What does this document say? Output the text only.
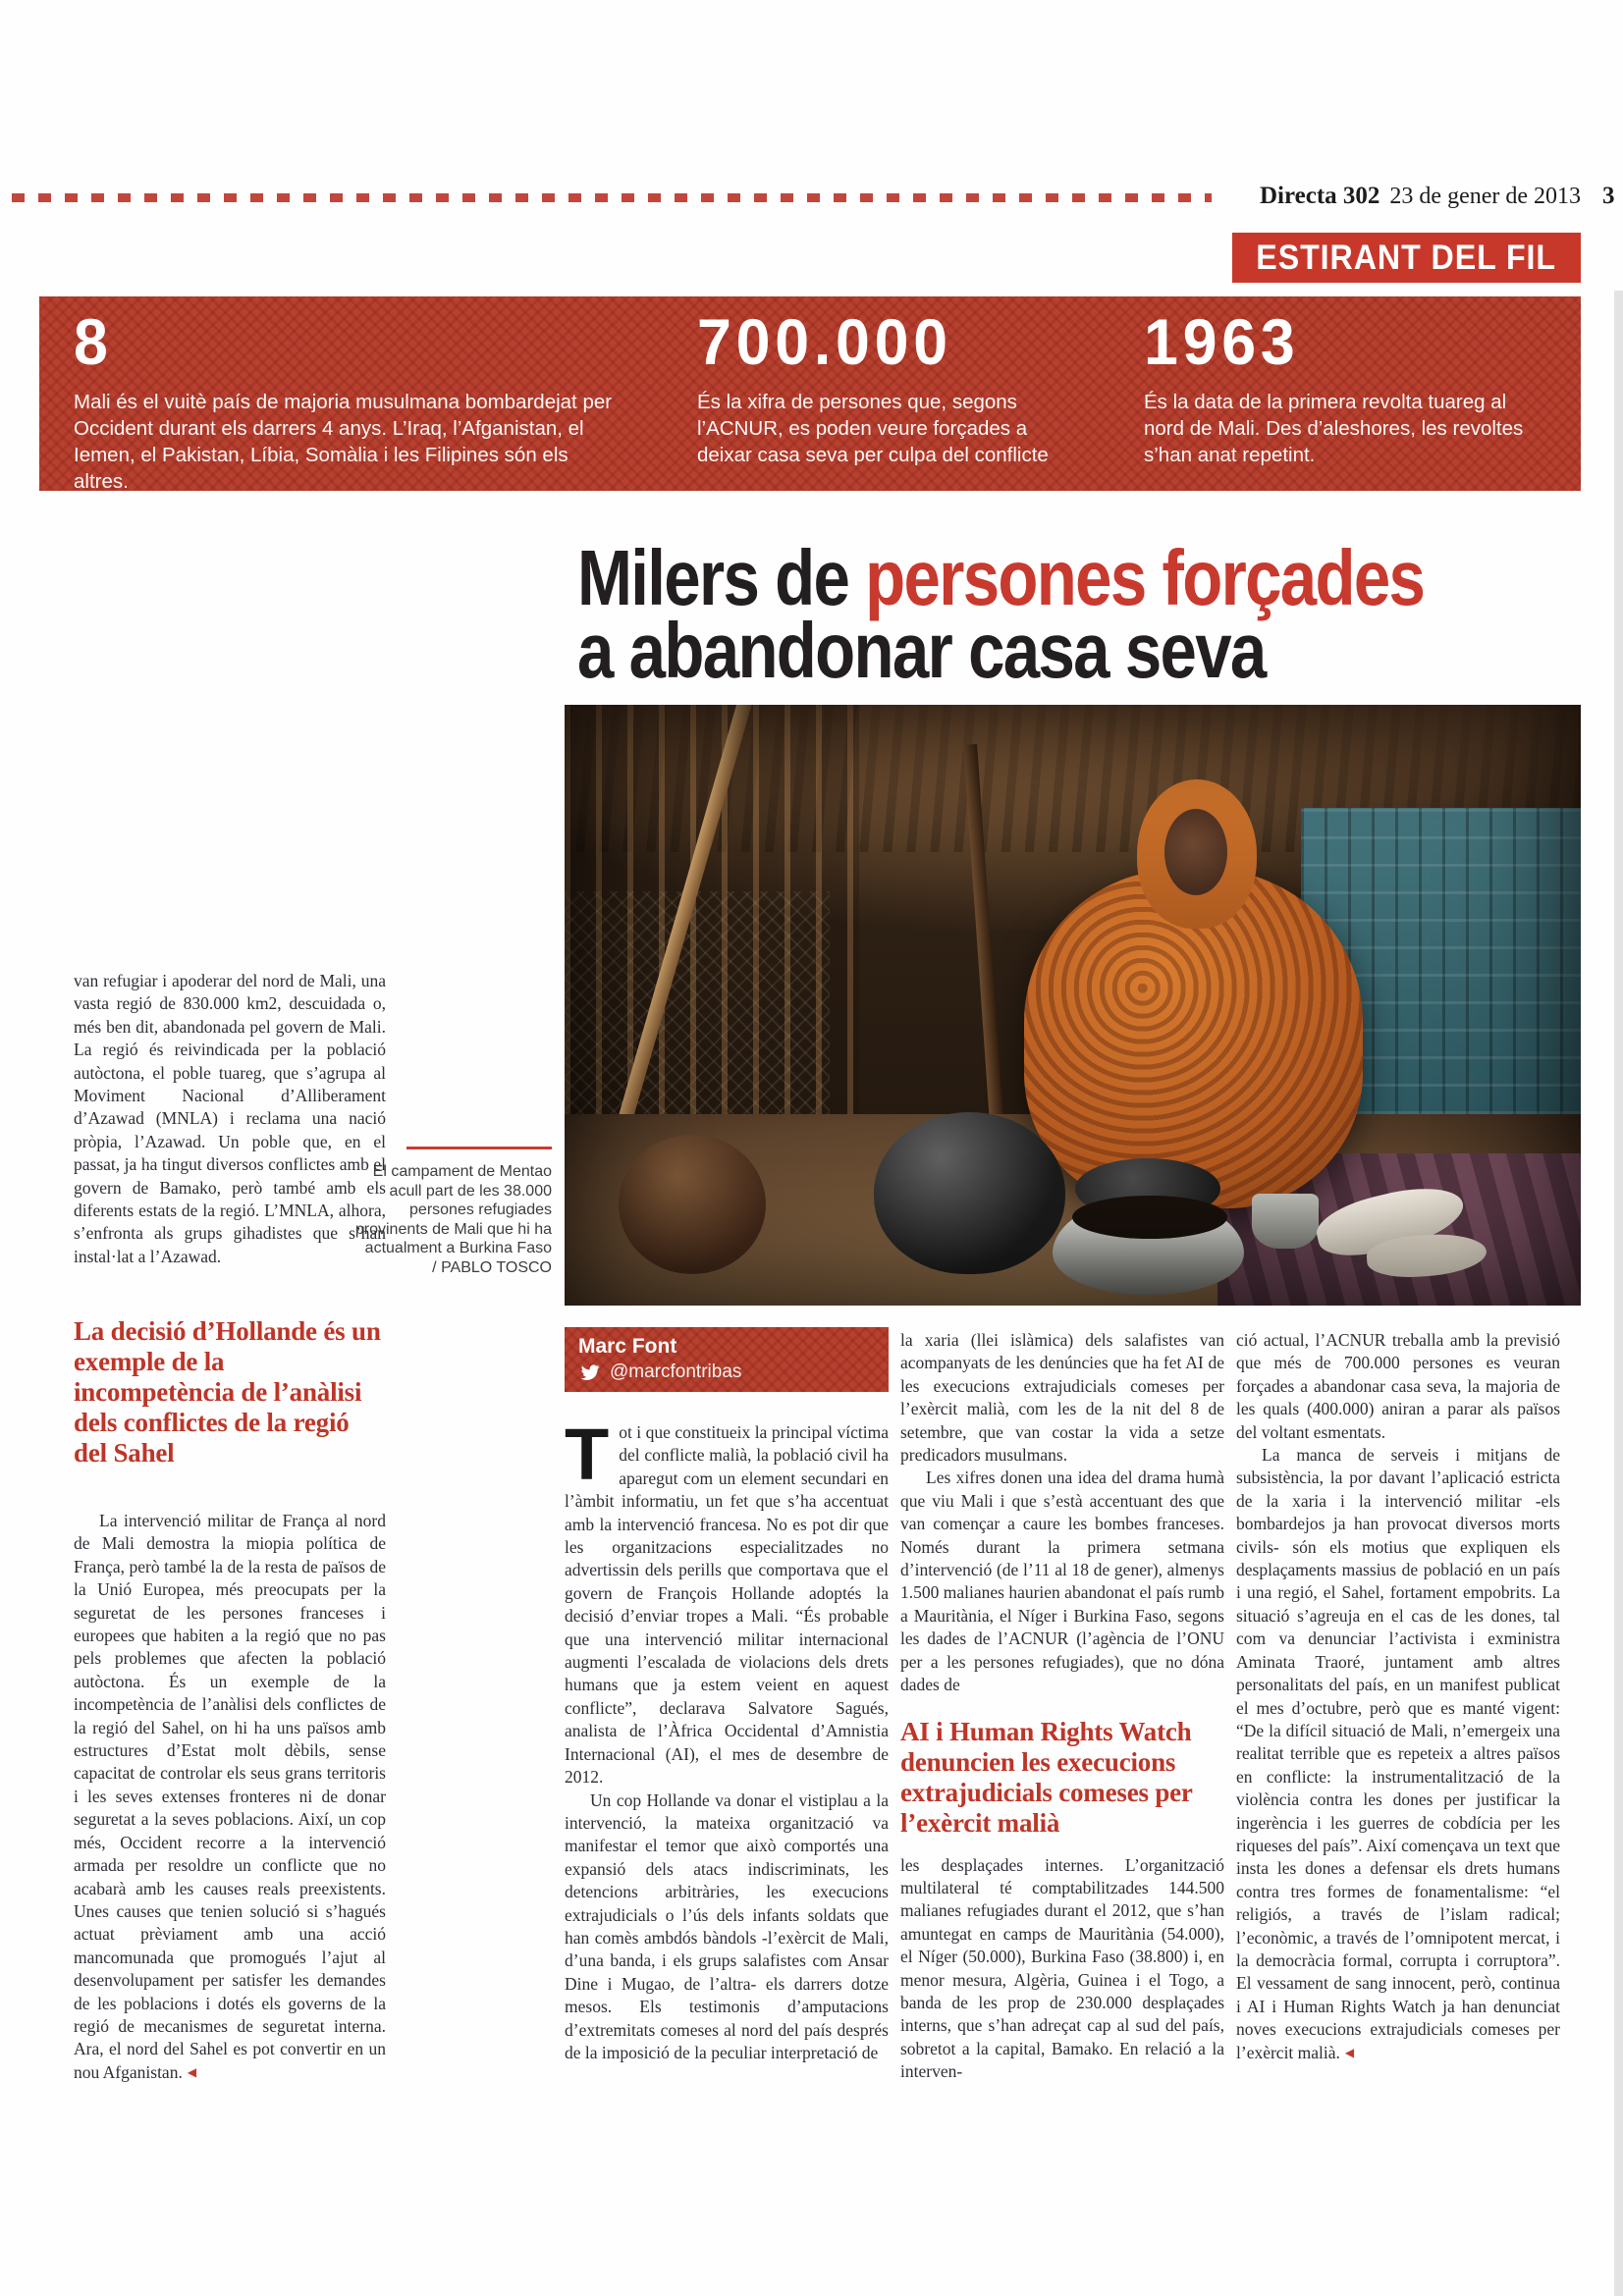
Directa 302 23 de gener de 2013 3
ESTIRANT DEL FIL
8
Mali és el vuitè país de majoria musulmana bombardejat per Occident durant els darrers 4 anys. L’Iraq, l’Afganistan, el Iemen, el Pakistan, Líbia, Somàlia i les Filipines són els altres.
700.000
És la xifra de persones que, segons l’ACNUR, es poden veure forçades a deixar casa seva per culpa del conflicte
1963
És la data de la primera revolta tuareg al nord de Mali. Des d’aleshores, les revoltes s’han anat repetint.
Milers de persones forçades
a abandonar casa seva
El campament de Mentao acull part de les 38.000 persones refugiades provinents de Mali que hi ha actualment a Burkina Faso
/ PABLO TOSCO
van refugiar i apoderar del nord de Mali, una vasta regió de 830.000 km2, descuidada o, més ben dit, abandonada pel govern de Mali. La regió és reivindicada per la població autòctona, el poble tuareg, que s’agrupa al Moviment Nacional d’Alliberament d’Azawad (MNLA) i reclama una nació pròpia, l’Azawad. Un poble que, en el passat, ja ha tingut diversos conflictes amb el govern de Bamako, però també amb els diferents estats de la regió. L’MNLA, alhora, s’enfronta als grups gihadistes que s’han instal·lat a l’Azawad.
La decisió d’Hollande és un exemple de la incompetència de l’anàlisi dels conflictes de la regió del Sahel

La intervenció militar de França al nord de Mali demostra la miopia política de França, però també la de la resta de països de la Unió Europea, més preocupats per la seguretat de les persones franceses i europees que habiten a la regió que no pas pels problemes que afecten la població autòctona. És un exemple de la incompetència de l’anàlisi dels conflictes de la regió del Sahel, on hi ha uns països amb estructures d’Estat molt dèbils, sense capacitat de controlar els seus grans territoris i les seves extenses fronteres ni de donar seguretat a la seves poblacions. Així, un cop més, Occident recorre a la intervenció armada per resoldre un conflicte que no acabarà amb les causes reals preexistents. Unes causes que tenien solució si s’hagués actuat prèviament amb una acció mancomunada que promogués l’ajut al desenvolupament per satisfer les demandes de les poblacions i dotés els governs de la regió de mecanismes de seguretat interna. Ara, el nord del Sahel es pot convertir en un nou Afganistan. ◀

Marc Font
@marcfontribas

Tot i que constitueix la principal víctima del conflicte malià, la població civil ha aparegut com un element secundari en l’àmbit informatiu, un fet que s’ha accentuat amb la intervenció francesa. No es pot dir que les organitzacions especialitzades no advertissin dels perills que comportava que el govern de François Hollande adoptés la decisió d’enviar tropes a Mali. “És probable que una intervenció militar internacional augmenti l’escalada de violacions dels drets humans que ja estem veient en aquest conflicte”, declarava Salvatore Sagués, analista de l’Àfrica Occidental d’Amnistia Internacional (AI), el mes de desembre de 2012.

Un cop Hollande va donar el vistiplau a la intervenció, la mateixa organització va manifestar el temor que això comportés una expansió dels atacs indiscriminats, les detencions arbitràries, les execucions extrajudicials o l’ús dels infants soldats que han comès ambdós bàndols -l’exèrcit de Mali, d’una banda, i els grups salafistes com Ansar Dine i Mugao, de l’altra- els darrers dotze mesos. Els testimonis d’amputacions d’extremitats comeses al nord del país després de la imposició de la peculiar interpretació de

la xaria (llei islàmica) dels salafistes van acompanyats de les denúncies que ha fet AI de les execucions extrajudicials comeses per l’exèrcit malià, com les de la nit del 8 de setembre, que van costar la vida a setze predicadors musulmans.

Les xifres donen una idea del drama humà que viu Mali i que s’està accentuant des que van començar a caure les bombes franceses. Només durant la primera setmana d’intervenció (de l’11 al 18 de gener), almenys 1.500 malianes haurien abandonat el país rumb a Mauritània, el Níger i Burkina Faso, segons les dades de l’ACNUR (l’agència de l’ONU per a les persones refugiades), que no dóna dades de

AI i Human Rights Watch denuncien les execucions extrajudicials comeses per l’exèrcit malià

les desplaçades internes. L’organització multilateral té comptabilitzades 144.500 malianes refugiades durant el 2012, que s’han amuntegat en camps de Mauritània (54.000), el Níger (50.000), Burkina Faso (38.800) i, en menor mesura, Algèria, Guinea i el Togo, a banda de les prop de 230.000 desplaçades interns, que s’han adreçat cap al sud del país, sobretot a la capital, Bamako. En relació a la interven-

ció actual, l’ACNUR treballa amb la previsió que més de 700.000 persones es veuran forçades a abandonar casa seva, la majoria de les quals (400.000) aniran a parar als països del voltant esmentats.

La manca de serveis i mitjans de subsistència, la por davant l’aplicació estricta de la xaria i la intervenció militar -els bombardejos ja han provocat diversos morts civils- són els motius que expliquen els desplaçaments massius de població en un país i una regió, el Sahel, fortament empobrits. La situació s’agreuja en el cas de les dones, tal com va denunciar l’activista i exministra Aminata Traoré, juntament amb altres personalitats del país, en un manifest publicat el mes d’octubre, però que es manté vigent: “De la difícil situació de Mali, n’emergeix una realitat terrible que es repeteix a altres països en conflicte: la instrumentalització de la violència contra les dones per justificar la ingerència i les guerres de cobdícia per les riqueses del país”. Així començava un text que insta les dones a defensar els drets humans contra tres formes de fonamentalisme: “el religiós, a través de l’islam radical; l’econòmic, a través de l’omnipotent mercat, i la democràcia formal, corrupta i corruptora”. El vessament de sang innocent, però, continua i AI i Human Rights Watch ja han denunciat noves execucions extrajudicials comeses per l’exèrcit malià. ◀
